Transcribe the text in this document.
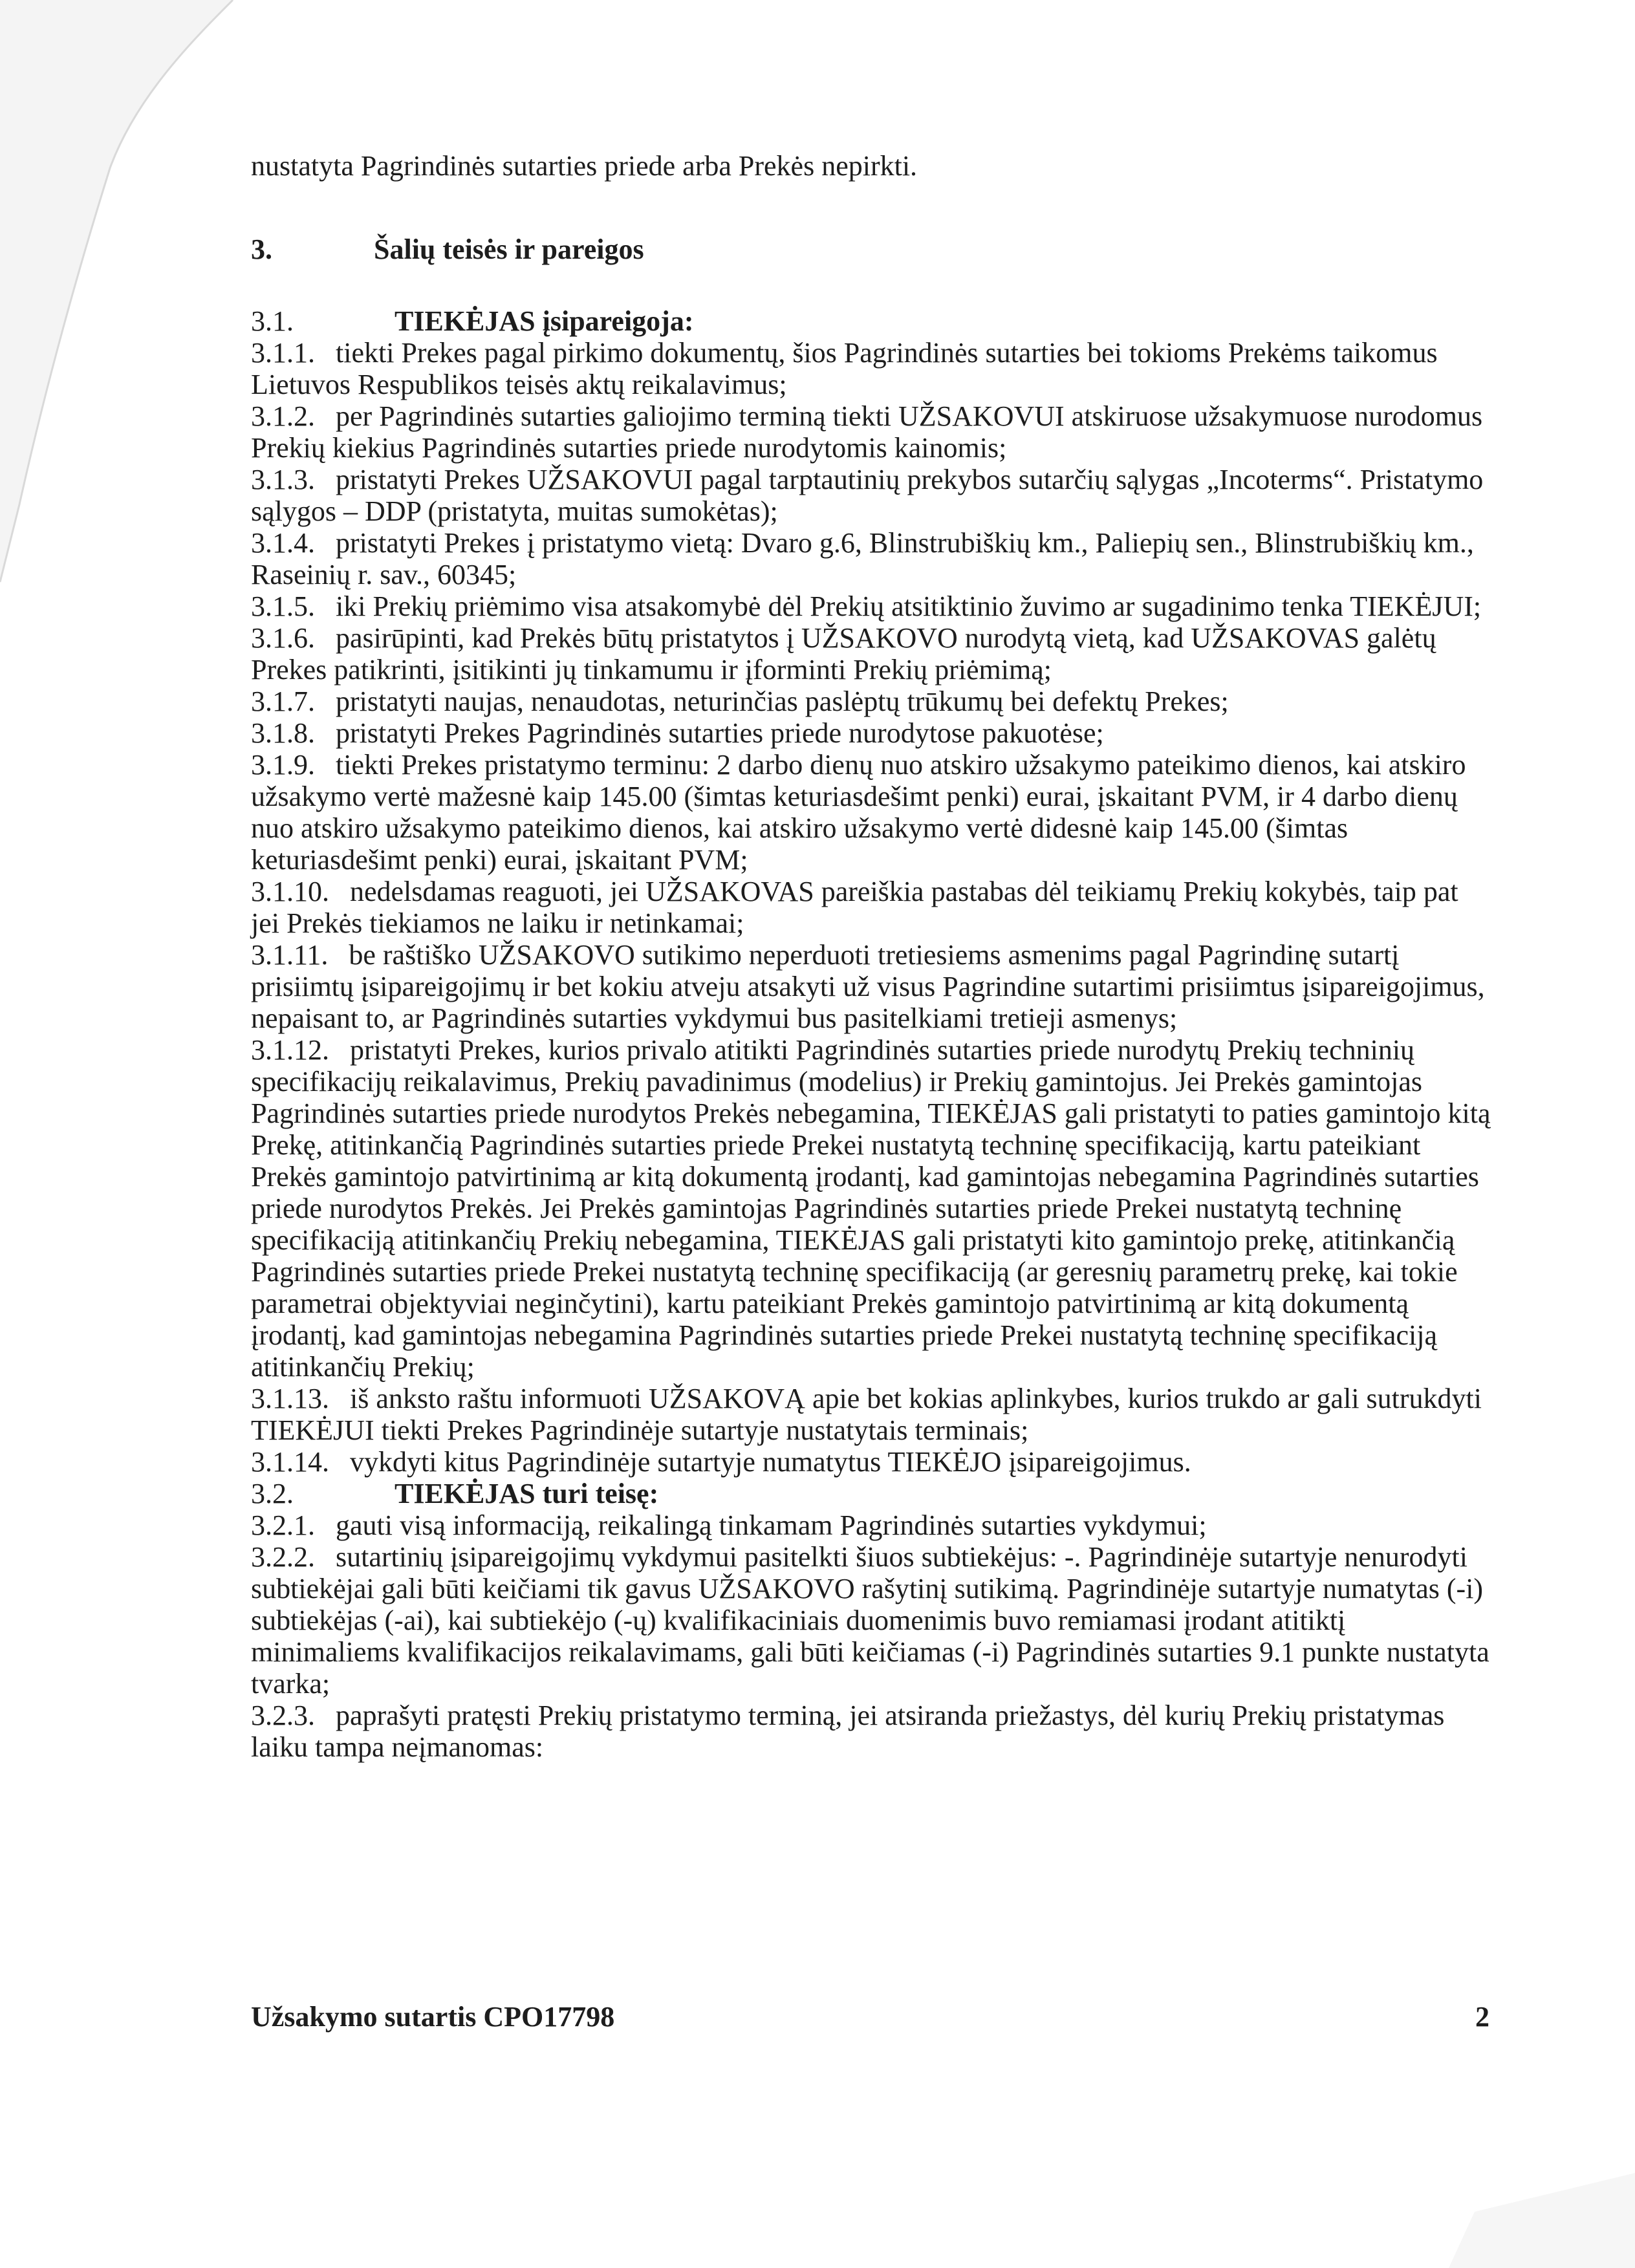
nustatyta Pagrindinės sutarties priede arba Prekės nepirkti.

3.	Šalių teisės ir pareigos
3.1.	TIEKĖJAS įsipareigoja:

3.1.1. tiekti Prekes pagal pirkimo dokumentų, šios Pagrindinės sutarties bei tokioms Prekėms taikomus Lietuvos Respublikos teisės aktų reikalavimus;

3.1.2. per Pagrindinės sutarties galiojimo terminą tiekti UŽSAKOVUI atskiruose užsakymuose nurodomus Prekių kiekius Pagrindinės sutarties priede nurodytomis kainomis;

3.1.3. pristatyti Prekes UŽSAKOVUI pagal tarptautinių prekybos sutarčių sąlygas „Incoterms“. Pristatymo sąlygos – DDP (pristatyta, muitas sumokėtas);

3.1.4. pristatyti Prekes į pristatymo vietą: Dvaro g.6, Blinstrubiškių km., Paliepių sen., Blinstrubiškių km., Raseinių r. sav., 60345;

3.1.5. iki Prekių priėmimo visa atsakomybė dėl Prekių atsitiktinio žuvimo ar sugadinimo tenka TIEKĖJUI;

3.1.6. pasirūpinti, kad Prekės būtų pristatytos į UŽSAKOVO nurodytą vietą, kad UŽSAKOVAS galėtų Prekes patikrinti, įsitikinti jų tinkamumu ir įforminti Prekių priėmimą;

3.1.7. pristatyti naujas, nenaudotas, neturinčias paslėptų trūkumų bei defektų Prekes;

3.1.8. pristatyti Prekes Pagrindinės sutarties priede nurodytose pakuotėse;

3.1.9. tiekti Prekes pristatymo terminu: 2 darbo dienų nuo atskiro užsakymo pateikimo dienos, kai atskiro užsakymo vertė mažesnė kaip 145.00 (šimtas keturiasdešimt penki) eurai, įskaitant PVM, ir 4 darbo dienų nuo atskiro užsakymo pateikimo dienos, kai atskiro užsakymo vertė didesnė kaip 145.00 (šimtas keturiasdešimt penki) eurai, įskaitant PVM;

3.1.10. nedelsdamas reaguoti, jei UŽSAKOVAS pareiškia pastabas dėl teikiamų Prekių kokybės, taip pat jei Prekės tiekiamos ne laiku ir netinkamai;

3.1.11. be raštiško UŽSAKOVO sutikimo neperduoti tretiesiems asmenims pagal Pagrindinę sutartį prisiimtų įsipareigojimų ir bet kokiu atveju atsakyti už visus Pagrindine sutartimi prisiimtus įsipareigojimus, nepaisant to, ar Pagrindinės sutarties vykdymui bus pasitelkiami tretieji asmenys;

3.1.12. pristatyti Prekes, kurios privalo atitikti Pagrindinės sutarties priede nurodytų Prekių techninių specifikacijų reikalavimus, Prekių pavadinimus (modelius) ir Prekių gamintojus. Jei Prekės gamintojas Pagrindinės sutarties priede nurodytos Prekės nebegamina, TIEKĖJAS gali pristatyti to paties gamintojo kitą Prekę, atitinkančią Pagrindinės sutarties priede Prekei nustatytą techninę specifikaciją, kartu pateikiant Prekės gamintojo patvirtinimą ar kitą dokumentą įrodantį, kad gamintojas nebegamina Pagrindinės sutarties priede nurodytos Prekės. Jei Prekės gamintojas Pagrindinės sutarties priede Prekei nustatytą techninę specifikaciją atitinkančių Prekių nebegamina, TIEKĖJAS gali pristatyti kito gamintojo prekę, atitinkančią Pagrindinės sutarties priede Prekei nustatytą techninę specifikaciją (ar geresnių parametrų prekę, kai tokie parametrai objektyviai neginčytini), kartu pateikiant Prekės gamintojo patvirtinimą ar kitą dokumentą įrodantį, kad gamintojas nebegamina Pagrindinės sutarties priede Prekei nustatytą techninę specifikaciją atitinkančių Prekių;

3.1.13. iš anksto raštu informuoti UŽSAKOVĄ apie bet kokias aplinkybes, kurios trukdo ar gali sutrukdyti TIEKĖJUI tiekti Prekes Pagrindinėje sutartyje nustatytais terminais;

3.1.14. vykdyti kitus Pagrindinėje sutartyje numatytus TIEKĖJO įsipareigojimus.

3.2.	TIEKĖJAS turi teisę:

3.2.1. gauti visą informaciją, reikalingą tinkamam Pagrindinės sutarties vykdymui;

3.2.2. sutartinių įsipareigojimų vykdymui pasitelkti šiuos subtiekėjus: -. Pagrindinėje sutartyje nenurodyti subtiekėjai gali būti keičiami tik gavus UŽSAKOVO rašytinį sutikimą. Pagrindinėje sutartyje numatytas (-i) subtiekėjas (-ai), kai subtiekėjo (-ų) kvalifikaciniais duomenimis buvo remiamasi įrodant atitiktį minimaliems kvalifikacijos reikalavimams, gali būti keičiamas (-i) Pagrindinės sutarties 9.1 punkte nustatyta tvarka;

3.2.3. paprašyti pratęsti Prekių pristatymo terminą, jei atsiranda priežastys, dėl kurių Prekių pristatymas laiku tampa neįmanomas:

Užsakymo sutartis CPO17798	2
